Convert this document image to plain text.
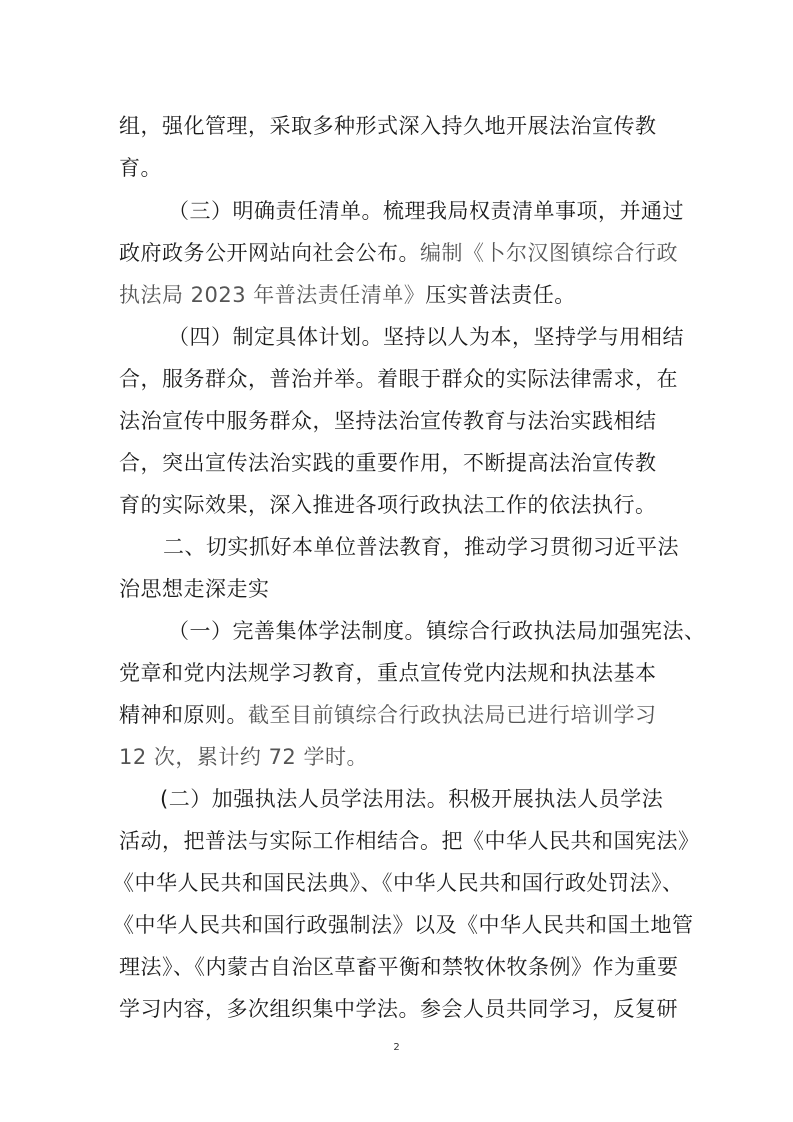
组，强化管理，采取多种形式深入持久地开展法治宣传教
育。
（三）明确责任清单。梳理我局权责清单事项，并通过
政府政务公开网站向社会公布。编制《卜尔汉图镇综合行政
执法局 2023 年普法责任清单》压实普法责任。
（四）制定具体计划。坚持以人为本，坚持学与用相结
合，服务群众，普治并举。着眼于群众的实际法律需求，在
法治宣传中服务群众，坚持法治宣传教育与法治实践相结
合，突出宣传法治实践的重要作用，不断提高法治宣传教
育的实际效果，深入推进各项行政执法工作的依法执行。
二、切实抓好本单位普法教育，推动学习贯彻习近平法
治思想走深走实
（一）完善集体学法制度。镇综合行政执法局加强宪法、
党章和党内法规学习教育，重点宣传党内法规和执法基本
精神和原则。截至目前镇综合行政执法局已进行培训学习
12 次，累计约 72 学时。
(二）加强执法人员学法用法。积极开展执法人员学法
活动，把普法与实际工作相结合。把《中华人民共和国宪法》
《中华人民共和国民法典》、《中华人民共和国行政处罚法》、
《中华人民共和国行政强制法》以及《中华人民共和国土地管
理法》、《内蒙古自治区草畜平衡和禁牧休牧条例》作为重要
学习内容，多次组织集中学法。参会人员共同学习，反复研
2
